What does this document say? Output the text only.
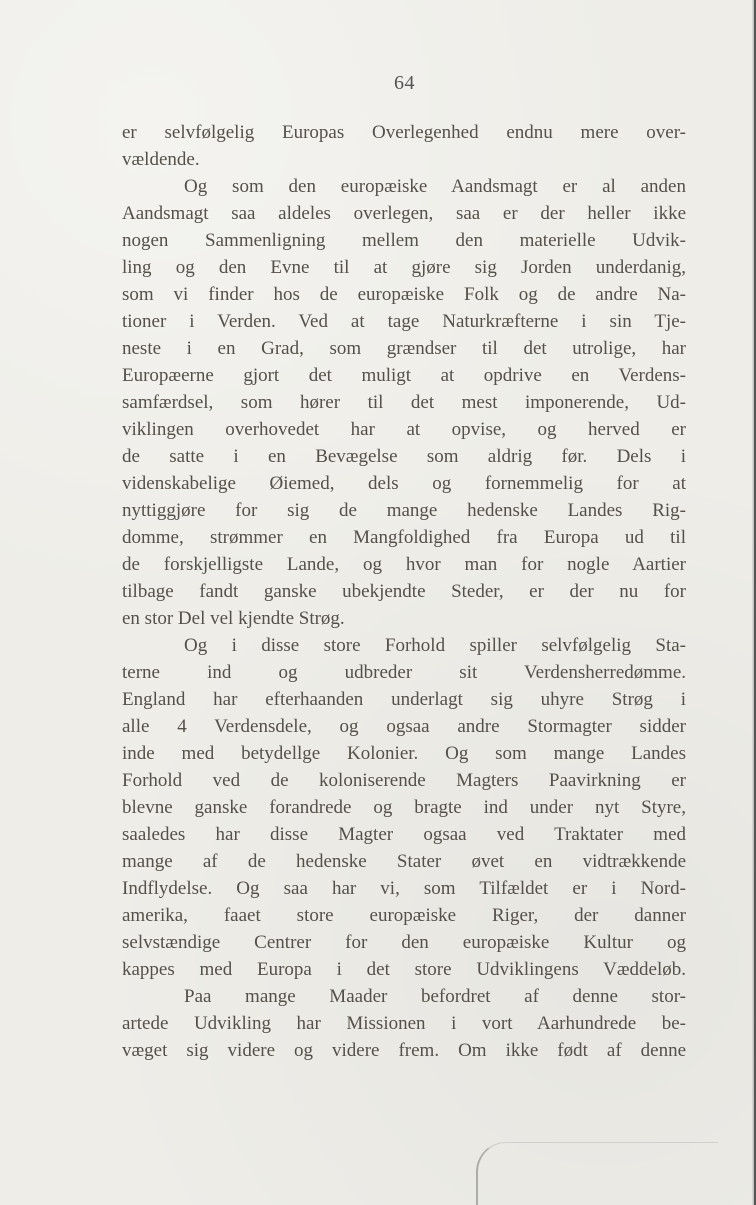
64
er selvfølgelig Europas Overlegenhed endnu mere over-
vældende.
Og som den europæiske Aandsmagt er al anden
Aandsmagt saa aldeles overlegen, saa er der heller ikke
nogen Sammenligning mellem den materielle Udvik-
ling og den Evne til at gjøre sig Jorden underdanig,
som vi finder hos de europæiske Folk og de andre Na-
tioner i Verden. Ved at tage Naturkræfterne i sin Tje-
neste i en Grad, som grændser til det utrolige, har
Europæerne gjort det muligt at opdrive en Verdens-
samfærdsel, som hører til det mest imponerende, Ud-
viklingen overhovedet har at opvise, og herved er
de satte i en Bevægelse som aldrig før. Dels i
videnskabelige Øiemed, dels og fornemmelig for at
nyttiggjøre for sig de mange hedenske Landes Rig-
domme, strømmer en Mangfoldighed fra Europa ud til
de forskjelligste Lande, og hvor man for nogle Aartier
tilbage fandt ganske ubekjendte Steder, er der nu for
en stor Del vel kjendte Strøg.
Og i disse store Forhold spiller selvfølgelig Sta-
terne ind og udbreder sit Verdensherredømme.
England har efterhaanden underlagt sig uhyre Strøg i
alle 4 Verdensdele, og ogsaa andre Stormagter sidder
inde med betydellge Kolonier. Og som mange Landes
Forhold ved de koloniserende Magters Paavirkning er
blevne ganske forandrede og bragte ind under nyt Styre,
saaledes har disse Magter ogsaa ved Traktater med
mange af de hedenske Stater øvet en vidtrækkende
Indflydelse. Og saa har vi, som Tilfældet er i Nord-
amerika, faaet store europæiske Riger, der danner
selvstændige Centrer for den europæiske Kultur og
kappes med Europa i det store Udviklingens Væddeløb.
Paa mange Maader befordret af denne stor-
artede Udvikling har Missionen i vort Aarhundrede be-
væget sig videre og videre frem. Om ikke født af denne
